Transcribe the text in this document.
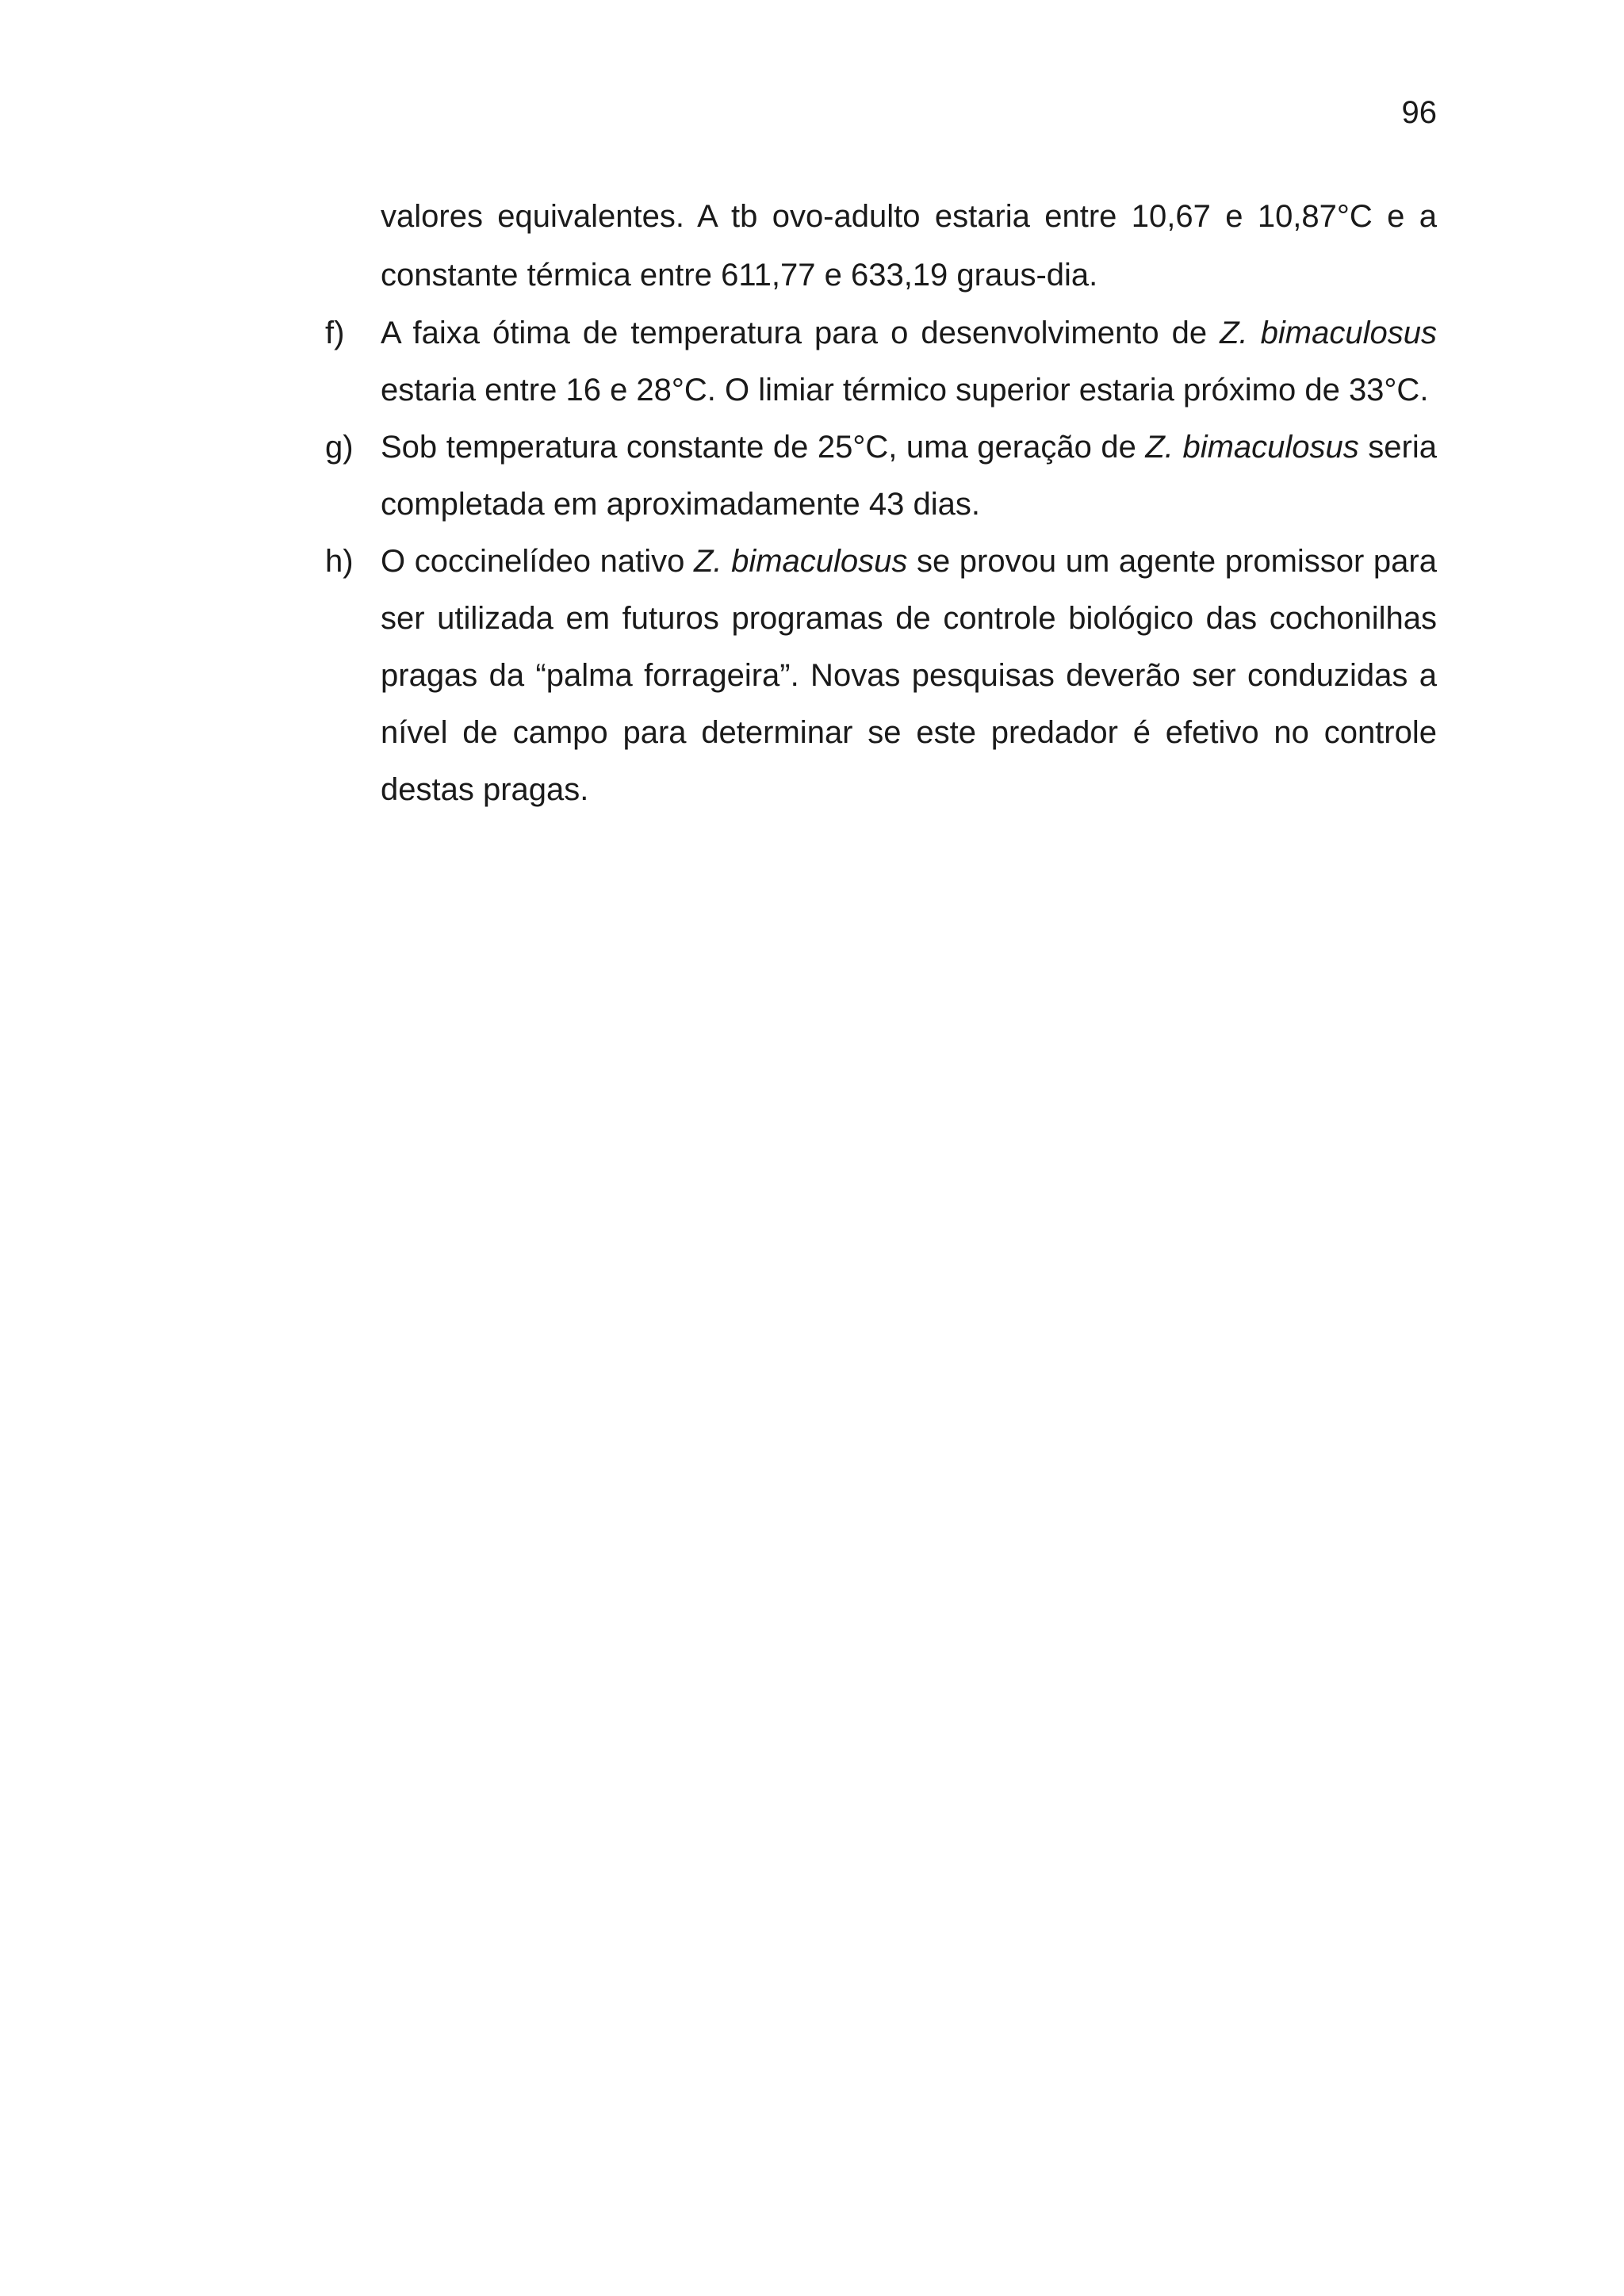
96

valores equivalentes. A tb ovo-adulto estaria entre 10,67 e 10,87°C e a constante térmica entre 611,77 e 633,19 graus-dia.

f)	A faixa ótima de temperatura para o desenvolvimento de Z. bimaculosus estaria entre 16 e 28°C. O limiar térmico superior estaria próximo de 33°C.
g) Sob temperatura constante de 25°C, uma geração de Z. bimaculosus seria completada em aproximadamente 43 dias.
h) O coccinelídeo nativo Z. bimaculosus se provou um agente promissor para ser utilizada em futuros programas de controle biológico das cochonilhas pragas da “palma forrageira”. Novas pesquisas deverão ser conduzidas a nível de campo para determinar se este predador é efetivo no controle destas pragas.
